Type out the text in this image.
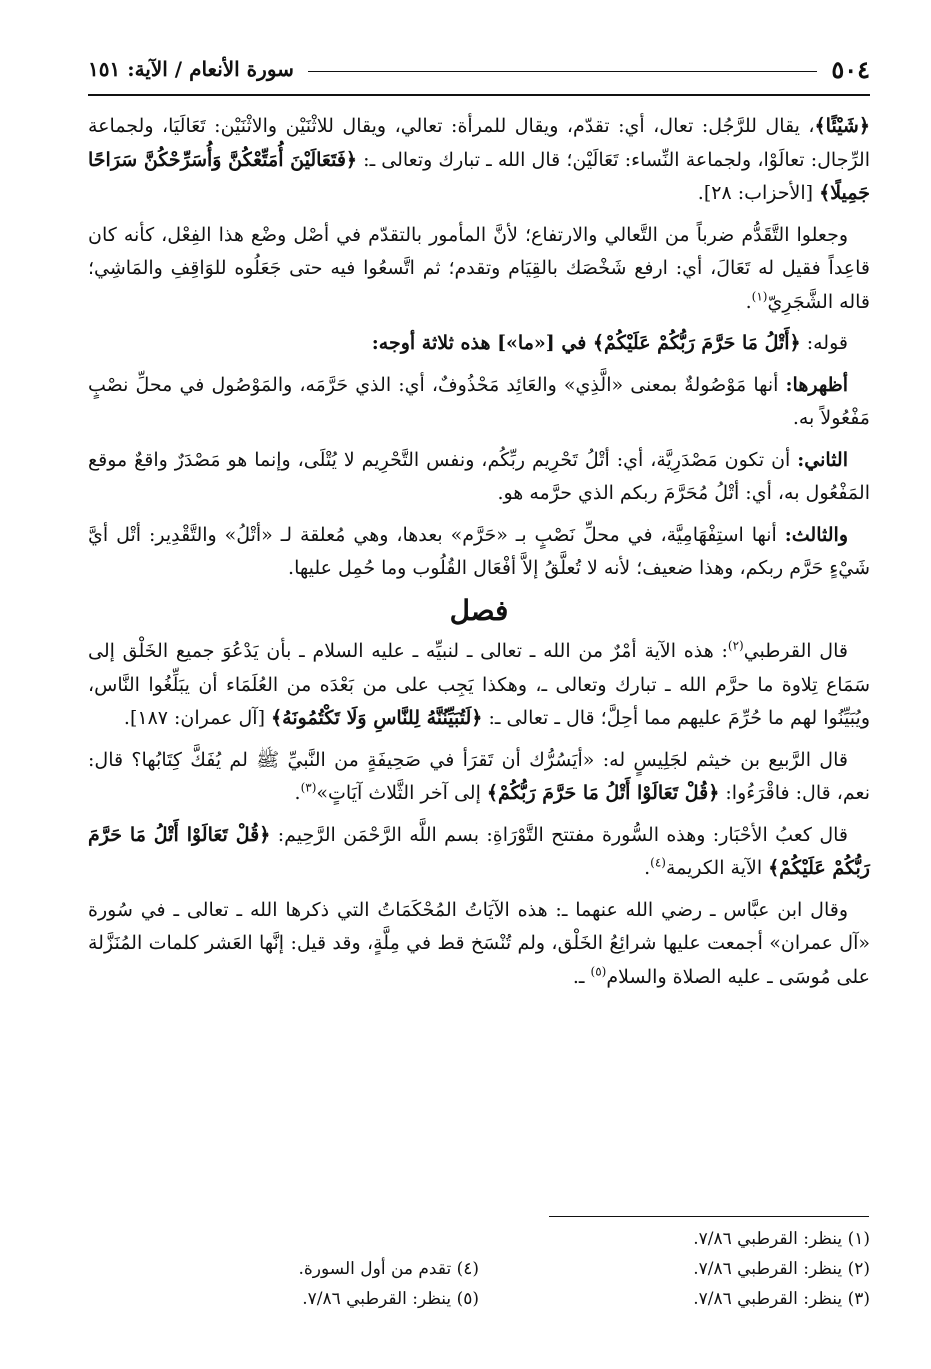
٥٠٤
سورة الأنعام / الآية: ١٥١

﴿شَيْئًا﴾، يقال للرَّجُل: تعال، أي: تقدّم، ويقال للمرأة: تعالي، ويقال للاثْنَيْن والاثْنَيْن: تَعَالَيَا، ولجماعة الرِّجال: تعالَوْا، ولجماعة النِّساء: تَعَالَيْن؛ قال الله ـ تبارك وتعالى ـ: ﴿فَتَعَالَيْنَ أُمَتِّعْكُنَّ وَأُسَرِّحْكُنَّ سَرَاحًا جَمِيلًا﴾ [الأحزاب: ٢٨].

وجعلوا التَّقَدُّم ضرباً من التَّعالي والارتفاع؛ لأنَّ المأمور بالتقدّم في أصْل وضْع هذا الفِعْل، كأنه كان قاعِداً فقيل له تَعَالَ، أي: ارفع شَخْصَك بالقِيَام وتقدم؛ ثم اتَّسعُوا فيه حتى جَعَلُوه للوَاقِفِ والمَاشِي؛ قاله الشَّجَرِيّ$^{(١)}$.

قوله: ﴿أَتْلُ مَا حَرَّمَ رَبُّكُمْ عَلَيْكُمْ﴾ في [«ما»] هذه ثلاثة أوجه:

أظهرها: أنها مَوْصُولةٌ بمعنى «الَّذِي» والعَائِد مَحْذُوفٌ، أي: الذي حَرَّمَه، والمَوْصُول في محلِّ نصْبٍ مَفْعُولاً به.

الثاني: أن تكون مَصْدَرِيَّة، أي: أتْلُ تَحْرِيم ربِّكُم، ونفس التَّحْرِيم لا يُتْلَى، وإنما هو مَصْدَرٌ واقعٌ موقع المَفْعُول به، أي: أتْلُ مُحَرَّمَ ربكم الذي حرَّمه هو.

والثالث: أنها استِفْهَامِيَّة، في محلِّ نَصْبٍ بـ «حَرَّم» بعدها، وهي مُعلقة لـ «أتْلُ» والتَّقْدِير: أتْل أيَّ شَيْءٍ حَرَّم ربكم، وهذا ضعيف؛ لأنه لا تُعلَّقُ إلاَّ أفْعَال القُلُوب وما حُمِل عليها.

فصل

قال القرطبي$^{(٢)}$: هذه الآية أمْرٌ من الله ـ تعالى ـ لنبيِّه ـ عليه السلام ـ بأن يَدْعُوَ جميع الخَلْق إلى سَمَاع تِلاوة ما حرَّم الله ـ تبارك وتعالى ـ، وهكذا يَجِب على من بَعْدَه من العُلَمَاء أن يبَلِّغُوا النَّاس، ويُبَيِّنُوا لهم ما حُرِّمَ عليهم مما أحِلَّ؛ قال ـ تعالى ـ: ﴿لَتُبَيِّنُنَّهُ لِلنَّاسِ وَلَا تَكْتُمُونَهُ﴾ [آل عمران: ١٨٧].

قال الرَّبيع بن خيثم لجَلِيسٍ له: «أيَسُرُّك أن تَقرَأ في صَحِيفَةٍ من النَّبيِّ ﷺ لم يُفَكَّ كِتَابُها؟ قال: نعم، قال: فاقْرَءُوا: ﴿قُلْ تَعَالَوْا أَتْلُ مَا حَرَّمَ رَبُّكُمْ﴾ إلى آخر الثَّلاث آيَاتٍ»$^{(٣)}$.

قال كعبُ الأحْبَار: وهذه السُّورة مفتتح التَّوْرَاةِ: بسم اللَّه الرَّحْمَن الرَّحِيم: ﴿قُلْ تَعَالَوْا أَتْلُ مَا حَرَّمَ رَبُّكُمْ عَلَيْكُمْ﴾ الآية الكريمة$^{(٤)}$.

وقال ابن عبَّاس ـ رضي الله عنهما ـ: هذه الآيَاتُ المُحْكَمَاتُ التي ذكرها الله ـ تعالى ـ في سُورة «آل عمران» أجمعت عليها شرائِعُ الخَلْق، ولم تُنْسَخ قط في مِلَّةٍ، وقد قيل: إنَّها العَشر كلمات المُنَزَّلة على مُوسَى ـ عليه الصلاة والسلام$^{(٥)}$ ـ.

(١) ينظر: القرطبي ٧/٨٦.
(٢) ينظر: القرطبي ٧/٨٦.
(٣) ينظر: القرطبي ٧/٨٦.
(٤) تقدم من أول السورة.
(٥) ينظر: القرطبي ٧/٨٦.
